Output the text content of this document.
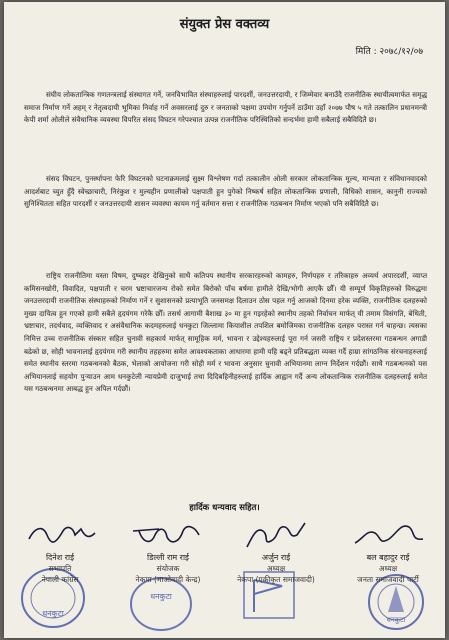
संयुक्त प्रेस वक्तव्य
मिति : २०७८/१२/०७
संघीय लोकतान्त्रिक गणतन्त्रलाई संस्थागत गर्ने, जनविभावित संस्थाहरुलाई पारदर्शी, जनउत्तरदायी, र जिम्मेवार बनाउँदै राजनीतिक स्थायीत्वमार्फत समृद्ध समाज निर्माण गर्ने अहम् र नेतृत्वदायी भूमिका निर्वाह गर्ने अवसरलाई दुरु र जनताको पक्षमा उपयोग गर्नुपर्ने ठाउँमा उहाँ २०७७ पौष ५ गते तत्कालिन प्रधानमन्त्री केपी शर्मा ओलीले संवैधानिक व्यवस्था विपरित संसद विघटन गरेपश्चात उत्पन्न राजनीतिक परिस्थितिको सन्दर्भमा हामी सबैलाई सबैविदितै छ।
संसद विघटन, पुनर्स्थापना फेरि विघटनको घटनाक्रमलाई सुक्ष्म विश्लेषण गर्दा तत्कालीन ओली सरकार लोकतान्त्रिक मूल्य, मान्यता र संविधानवादको आदर्शबाट च्युत हुँदै स्वेच्छाचारी, निरंकुश र मुल्यहीन प्रणालीको पक्षपाती हुन पुगेको निष्कर्ष सहित लोकतान्त्रिक प्रणाली, विधिको शासन, कानुनी राज्यको सुनिश्चितता सहित पारदर्शी र जनउत्तरदायी शासन व्यवस्था कायम गर्नु वर्तमान सत्ता र राजनीतिक गठबन्धन निर्माण भएको पनि सबैविदितै छ।
राष्ट्रिय राजनीतिमा यस्ता विषम, दुष्चहर देखिनुको साथै कतिपय स्थानीय सरकारहरुको कामहरु, निर्णयहरु र तरिकाहरु अव्यर्थ अपारदर्शी, व्याप्त कमिसनखोरी, विवादित, पक्षपाती र चरम भ्रष्टाचारजन्य रोको समेत बिरोको पाँच बर्षमा हामीले देखि/भोगी आएकै छौँ। यी सम्पूर्ण विकृतिहरुको विरुद्धमा जनउत्तरदायी राजनीतिक संस्थाहरुको निर्माण गर्ने र सुशासनको प्रत्याभूति जनसमक्ष दिलाउन ठोस पहल गर्नु आजको दिनमा हरेक व्यक्ति, राजनीतिक दलहरुको मुख्य दायित्व हुन गएको हामी सबैले हृदयंगम गरेकै छौँ। तसर्थ आगामी बैशाख ३० मा हुन गइरहेको स्थानीय तहको निर्वाचन मार्फत् यी तमाम विसंगति, बेथिती, भ्रष्टाचार, तदर्थवाद, व्यक्तिवाद र असंवैधानिक कदमहरुलाई धनकुटा जिल्लामा कियाशील तपशिल बमोजिमका राजनीतिक दलहरु परास्त गर्न चाहन्छ। त्यसका निमित्त उच्च राजनीतिक संस्कार सहित चुनावी सहकार्य मार्फत् सामूहिक मर्म, भावना र उद्देश्यहरुलाई पूरा गर्न जसरी राष्ट्रिय र प्रदेशस्तरमा गठबन्धन अगाडी बढेको छ, सोही भावनालाई हृदयंगम गरी स्थानीय तहहरुमा समेत आवश्यकताका आधारमा हामी यहि बढ्ने प्रतिबद्धता व्यक्त गर्दै हाम्रा सांगठनिक संरचनाहरुलाई समेत स्थानीय स्तरमा गठबन्धनको बैठक, भेलाको आयोजना गरी सोही मर्म र भावना अनुसार चुनावी अभियानमा लाग्न निर्देशन गर्दछौं। साथै गठबन्धनको यस अभियानलाई सहयोग पुऱ्याउन आम धनकुटेली न्यायप्रेमी दाजुभाई तथा दिदिबहिनीहरुलाई हार्दिक आह्वान गर्दै अन्य लोकतान्त्रिक राजनीतिक दलहरुलाई समेत यस गठबन्धनमा आबद्ध हुन अपिल गर्दछौं।
हार्दिक धन्यवाद सहित।
धनकुटा
धनकुटा
धनकुटा
दिनेश राई
सभापति
नेपाली कांग्रेस
डिल्ली राम राई
संयोजक
नेकपा (माओवादी केन्द्र)
अर्जुन राई
अध्यक्ष
नेकपा (एकीकृत समाजवादी)
बल बहादुर राई
अध्यक्ष
जनता समाजवादी पार्टी
